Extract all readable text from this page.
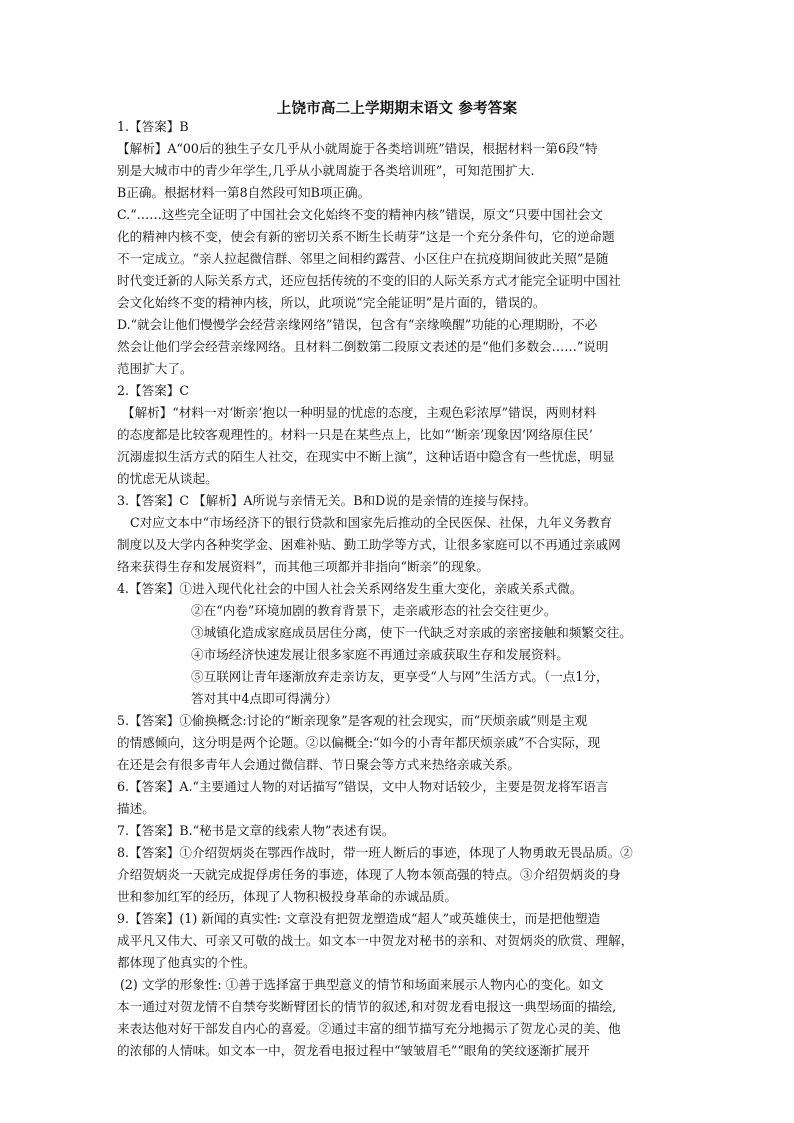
上饶市高二上学期期末语文 参考答案
1.【答案】B
【解析】A“00后的独生子女几乎从小就周旋于各类培训班”错误，根据材料一第6段“特
别是大城市中的青少年学生,几乎从小就周旋于各类培训班”，可知范围扩大.
B正确。根据材料一第8自然段可知B项正确。
C.“……这些完全证明了中国社会文化始终不变的精神内核”错误，原文“只要中国社会文
化的精神内核不变，使会有新的密切关系不断生长萌芽”这是一个充分条件句，它的逆命题
不一定成立。“亲人拉起微信群、邻里之间相约露营、小区住户在抗疫期间彼此关照”是随
时代变迁新的人际关系方式，还应包括传统的不变的旧的人际关系方式才能完全证明中国社
会文化始终不变的精神内核，所以，此项说“完全能证明”是片面的，错误的。
D.“就会让他们慢慢学会经营亲缘网络”错误，包含有“亲缘唤醒”功能的心理期盼，不必
然会让他们学会经营亲缘网络。且材料二倒数第二段原文表述的是“他们多数会……”说明
范围扩大了。
2.【答案】C
【解析】“材料一对‘断亲’抱以一种明显的忧虑的态度，主观色彩浓厚”错误，两则材料
的态度都是比较客观理性的。材料一只是在某些点上，比如“‘断亲’现象因‘网络原住民’
沉溺虚拟生活方式的陌生人社交，在现实中不断上演”，这种话语中隐含有一些忧虑，明显
的忧虑无从谈起。
3.【答案】C 【解析】A所说与亲情无关。B和D说的是亲情的连接与保持。
C对应文本中“市场经济下的银行贷款和国家先后推动的全民医保、社保，九年义务教育
制度以及大学内各种奖学金、困难补贴、勤工助学等方式，让很多家庭可以不再通过亲戚网
络来获得生存和发展资料”，而其他三项都并非指向“断亲”的现象。
4.【答案】①进入现代化社会的中国人社会关系网络发生重大变化，亲戚关系式微。
②在“内卷”环境加剧的教育背景下，走亲戚形态的社会交往更少。
③城镇化造成家庭成员居住分离，使下一代缺乏对亲戚的亲密接触和频繁交往。
④市场经济快速发展让很多家庭不再通过亲戚获取生存和发展资料。
⑤互联网让青年逐渐放弃走亲访友，更享受“人与网”生活方式。（一点1分，
答对其中4点即可得满分）
5.【答案】①偷换概念:讨论的“断亲现象”是客观的社会现实，而“厌烦亲戚”则是主观
的情感倾向，这分明是两个论题。②以偏概全:“如今的小青年都厌烦亲戚”不合实际，现
在还是会有很多青年人会通过微信群、节日聚会等方式来热络亲戚关系。
6.【答案】A.“主要通过人物的对话描写”错误，文中人物对话较少，主要是贺龙将军语言
描述。
7.【答案】B.“秘书是文章的线索人物”表述有误。
8.【答案】①介绍贺炳炎在鄂西作战时，带一班人断后的事迹，体现了人物勇敢无畏品质。②
介绍贺炳炎一天就完成捉俘虏任务的事迹，体现了人物本领高强的特点。③介绍贺炳炎的身
世和参加红军的经历，体现了人物积极投身革命的赤诚品质。
9.【答案】(1) 新闻的真实性: 文章没有把贺龙塑造成“超人”或英雄侠士，而是把他塑造
成平凡又伟大、可亲又可敬的战士。如文本一中贺龙对秘书的亲和、对贺炳炎的欣赏、理解，
都体现了他真实的个性。
(2) 文学的形象性: ①善于选择富于典型意义的情节和场面来展示人物内心的变化。如文
本一通过对贺龙情不自禁夸奖断臂团长的情节的叙述,和对贺龙看电报这一典型场面的描绘,
来表达他对好干部发自内心的喜爱。②通过丰富的细节描写充分地揭示了贺龙心灵的美、他
的浓郁的人情味。如文本一中，贺龙看电报过程中“皱皱眉毛”“眼角的笑纹逐渐扩展开
